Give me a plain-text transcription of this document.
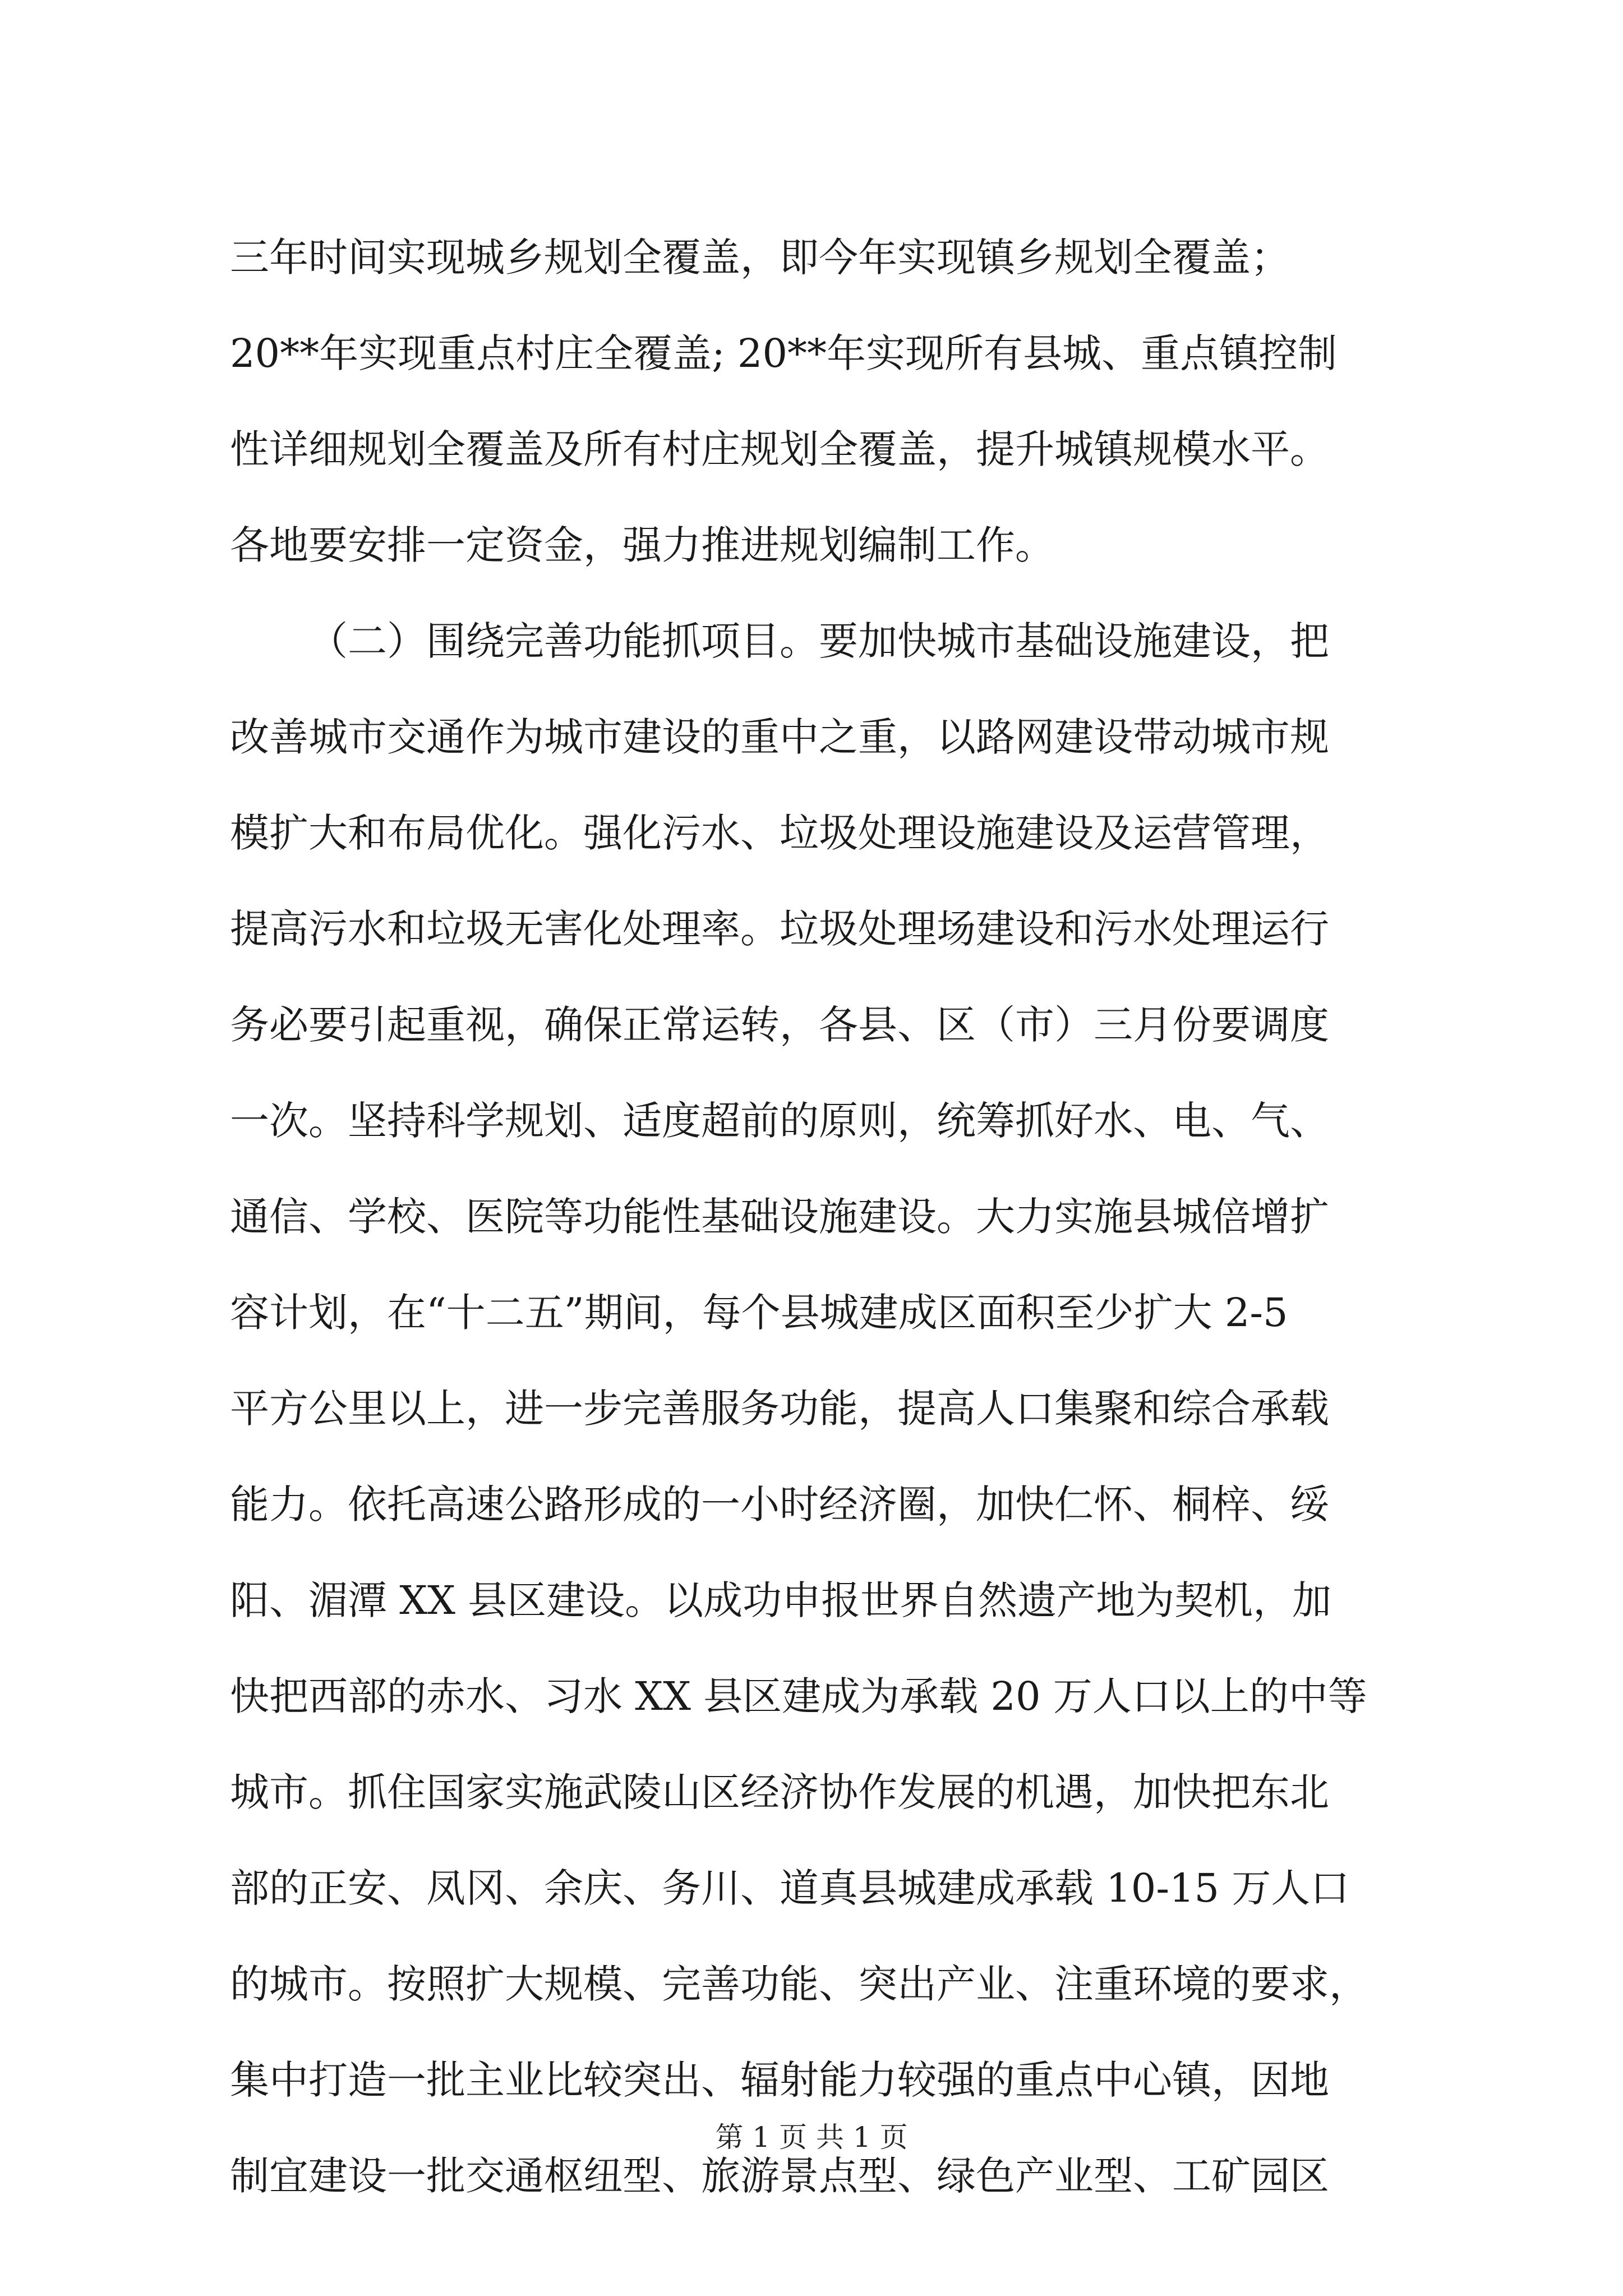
三年时间实现城乡规划全覆盖，即今年实现镇乡规划全覆盖；
20**年实现重点村庄全覆盖; 20**年实现所有县城、重点镇控制
性详细规划全覆盖及所有村庄规划全覆盖，提升城镇规模水平。
各地要安排一定资金，强力推进规划编制工作。
（二）围绕完善功能抓项目。要加快城市基础设施建设，把
改善城市交通作为城市建设的重中之重，以路网建设带动城市规
模扩大和布局优化。强化污水、垃圾处理设施建设及运营管理，
提高污水和垃圾无害化处理率。垃圾处理场建设和污水处理运行
务必要引起重视，确保正常运转，各县、区（市）三月份要调度
一次。坚持科学规划、适度超前的原则，统筹抓好水、电、气、
通信、学校、医院等功能性基础设施建设。大力实施县城倍增扩
容计划，在“十二五”期间，每个县城建成区面积至少扩大 2-5
平方公里以上，进一步完善服务功能，提高人口集聚和综合承载
能力。依托高速公路形成的一小时经济圈，加快仁怀、桐梓、绥
阳、湄潭 XX 县区建设。以成功申报世界自然遗产地为契机，加
快把西部的赤水、习水 XX 县区建成为承载 20 万人口以上的中等
城市。抓住国家实施武陵山区经济协作发展的机遇，加快把东北
部的正安、凤冈、余庆、务川、道真县城建成承载 10-15 万人口
的城市。按照扩大规模、完善功能、突出产业、注重环境的要求，
集中打造一批主业比较突出、辐射能力较强的重点中心镇，因地
制宜建设一批交通枢纽型、旅游景点型、绿色产业型、工矿园区
第 1 页 共 1 页
